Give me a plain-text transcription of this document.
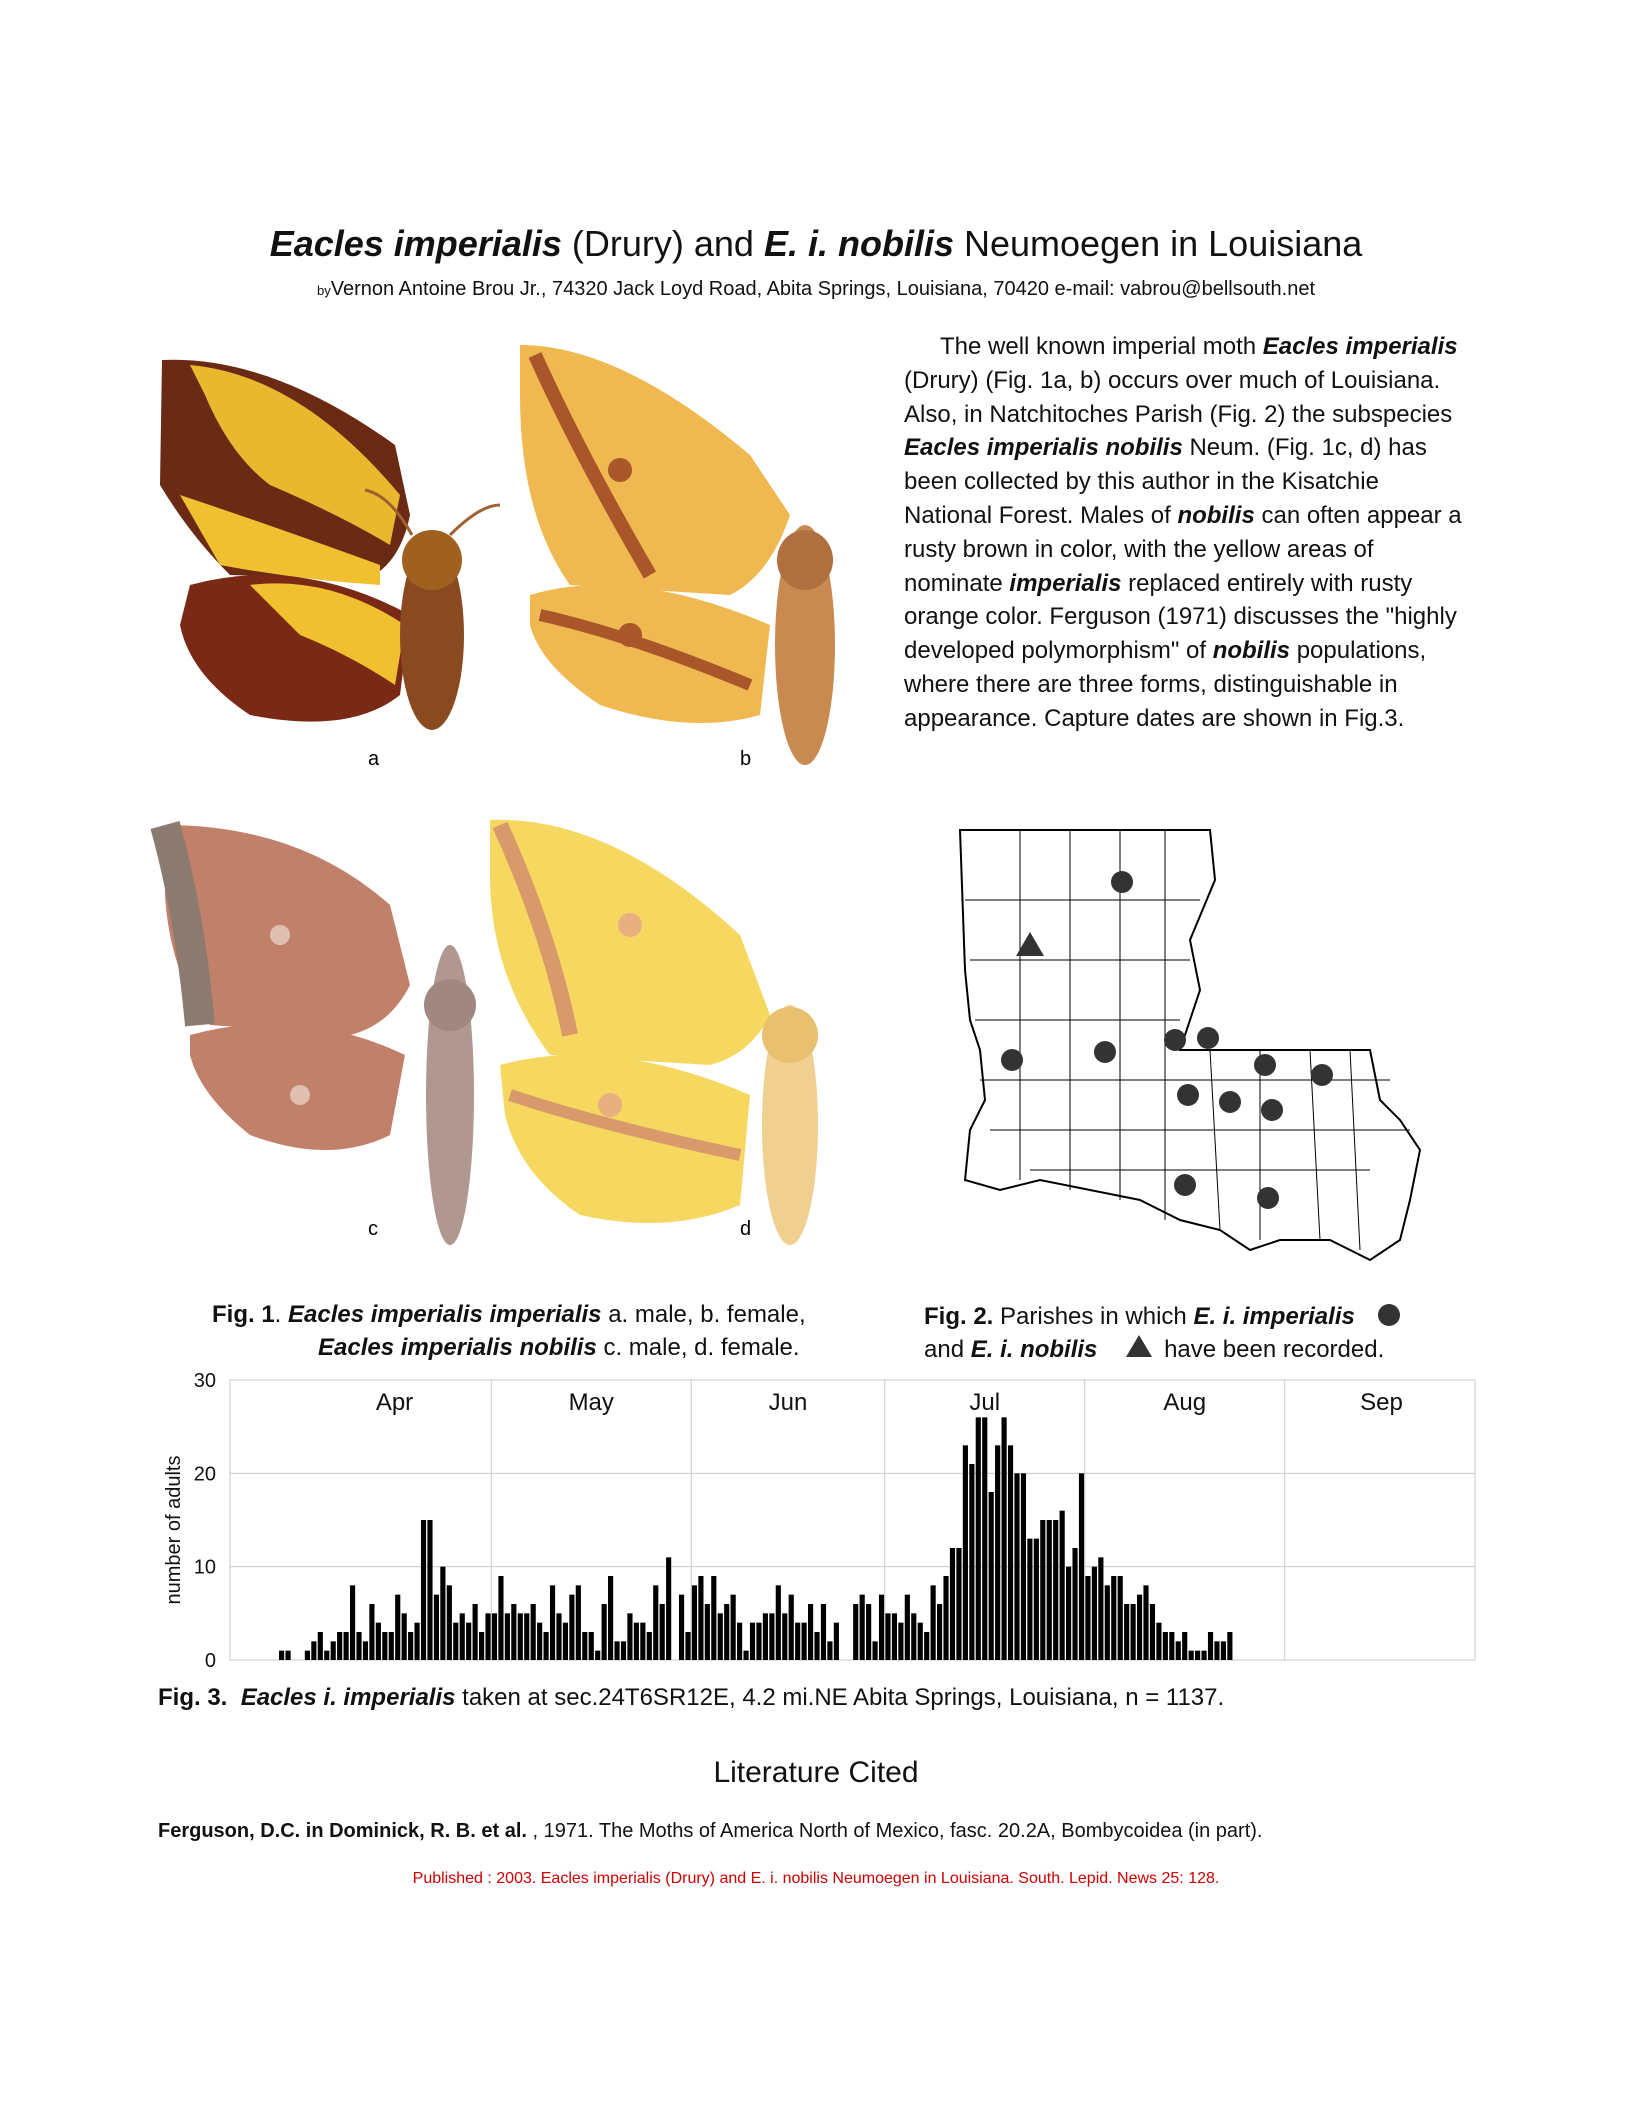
Eacles imperialis (Drury) and E. i. nobilis Neumoegen in Louisiana
byVernon Antoine Brou Jr., 74320 Jack Loyd Road, Abita Springs, Louisiana, 70420 e-mail: vabrou@bellsouth.net
The well known imperial moth Eacles imperialis (Drury) (Fig. 1a, b) occurs over much of Louisiana. Also, in Natchitoches Parish (Fig. 2) the subspecies Eacles imperialis nobilis Neum. (Fig. 1c, d) has been collected by this author in the Kisatchie National Forest. Males of nobilis can often appear a rusty brown in color, with the yellow areas of nominate imperialis replaced entirely with rusty orange color. Ferguson (1971) discusses the "highly developed polymorphism" of nobilis populations, where there are three forms, distinguishable in appearance. Capture dates are shown in Fig.3.
a	b
c	d
Fig. 1. Eacles imperialis imperialis a. male, b. female,
Eacles imperialis nobilis c. male, d. female.
Fig. 2. Parishes in which E. i. imperialis
and E. i. nobilis	have been recorded.
0
10
20
30
Apr	May	Jun	Jul	Aug	Sep
number of adults
Fig. 3. Eacles i. imperialis taken at sec.24T6SR12E, 4.2 mi.NE Abita Springs, Louisiana, n = 1137.
Literature Cited
Ferguson, D.C. in Dominick, R. B. et al. , 1971. The Moths of America North of Mexico, fasc. 20.2A, Bombycoidea (in part).
Published : 2003. Eacles imperialis (Drury) and E. i. nobilis Neumoegen in Louisiana. South. Lepid. News 25: 128.
